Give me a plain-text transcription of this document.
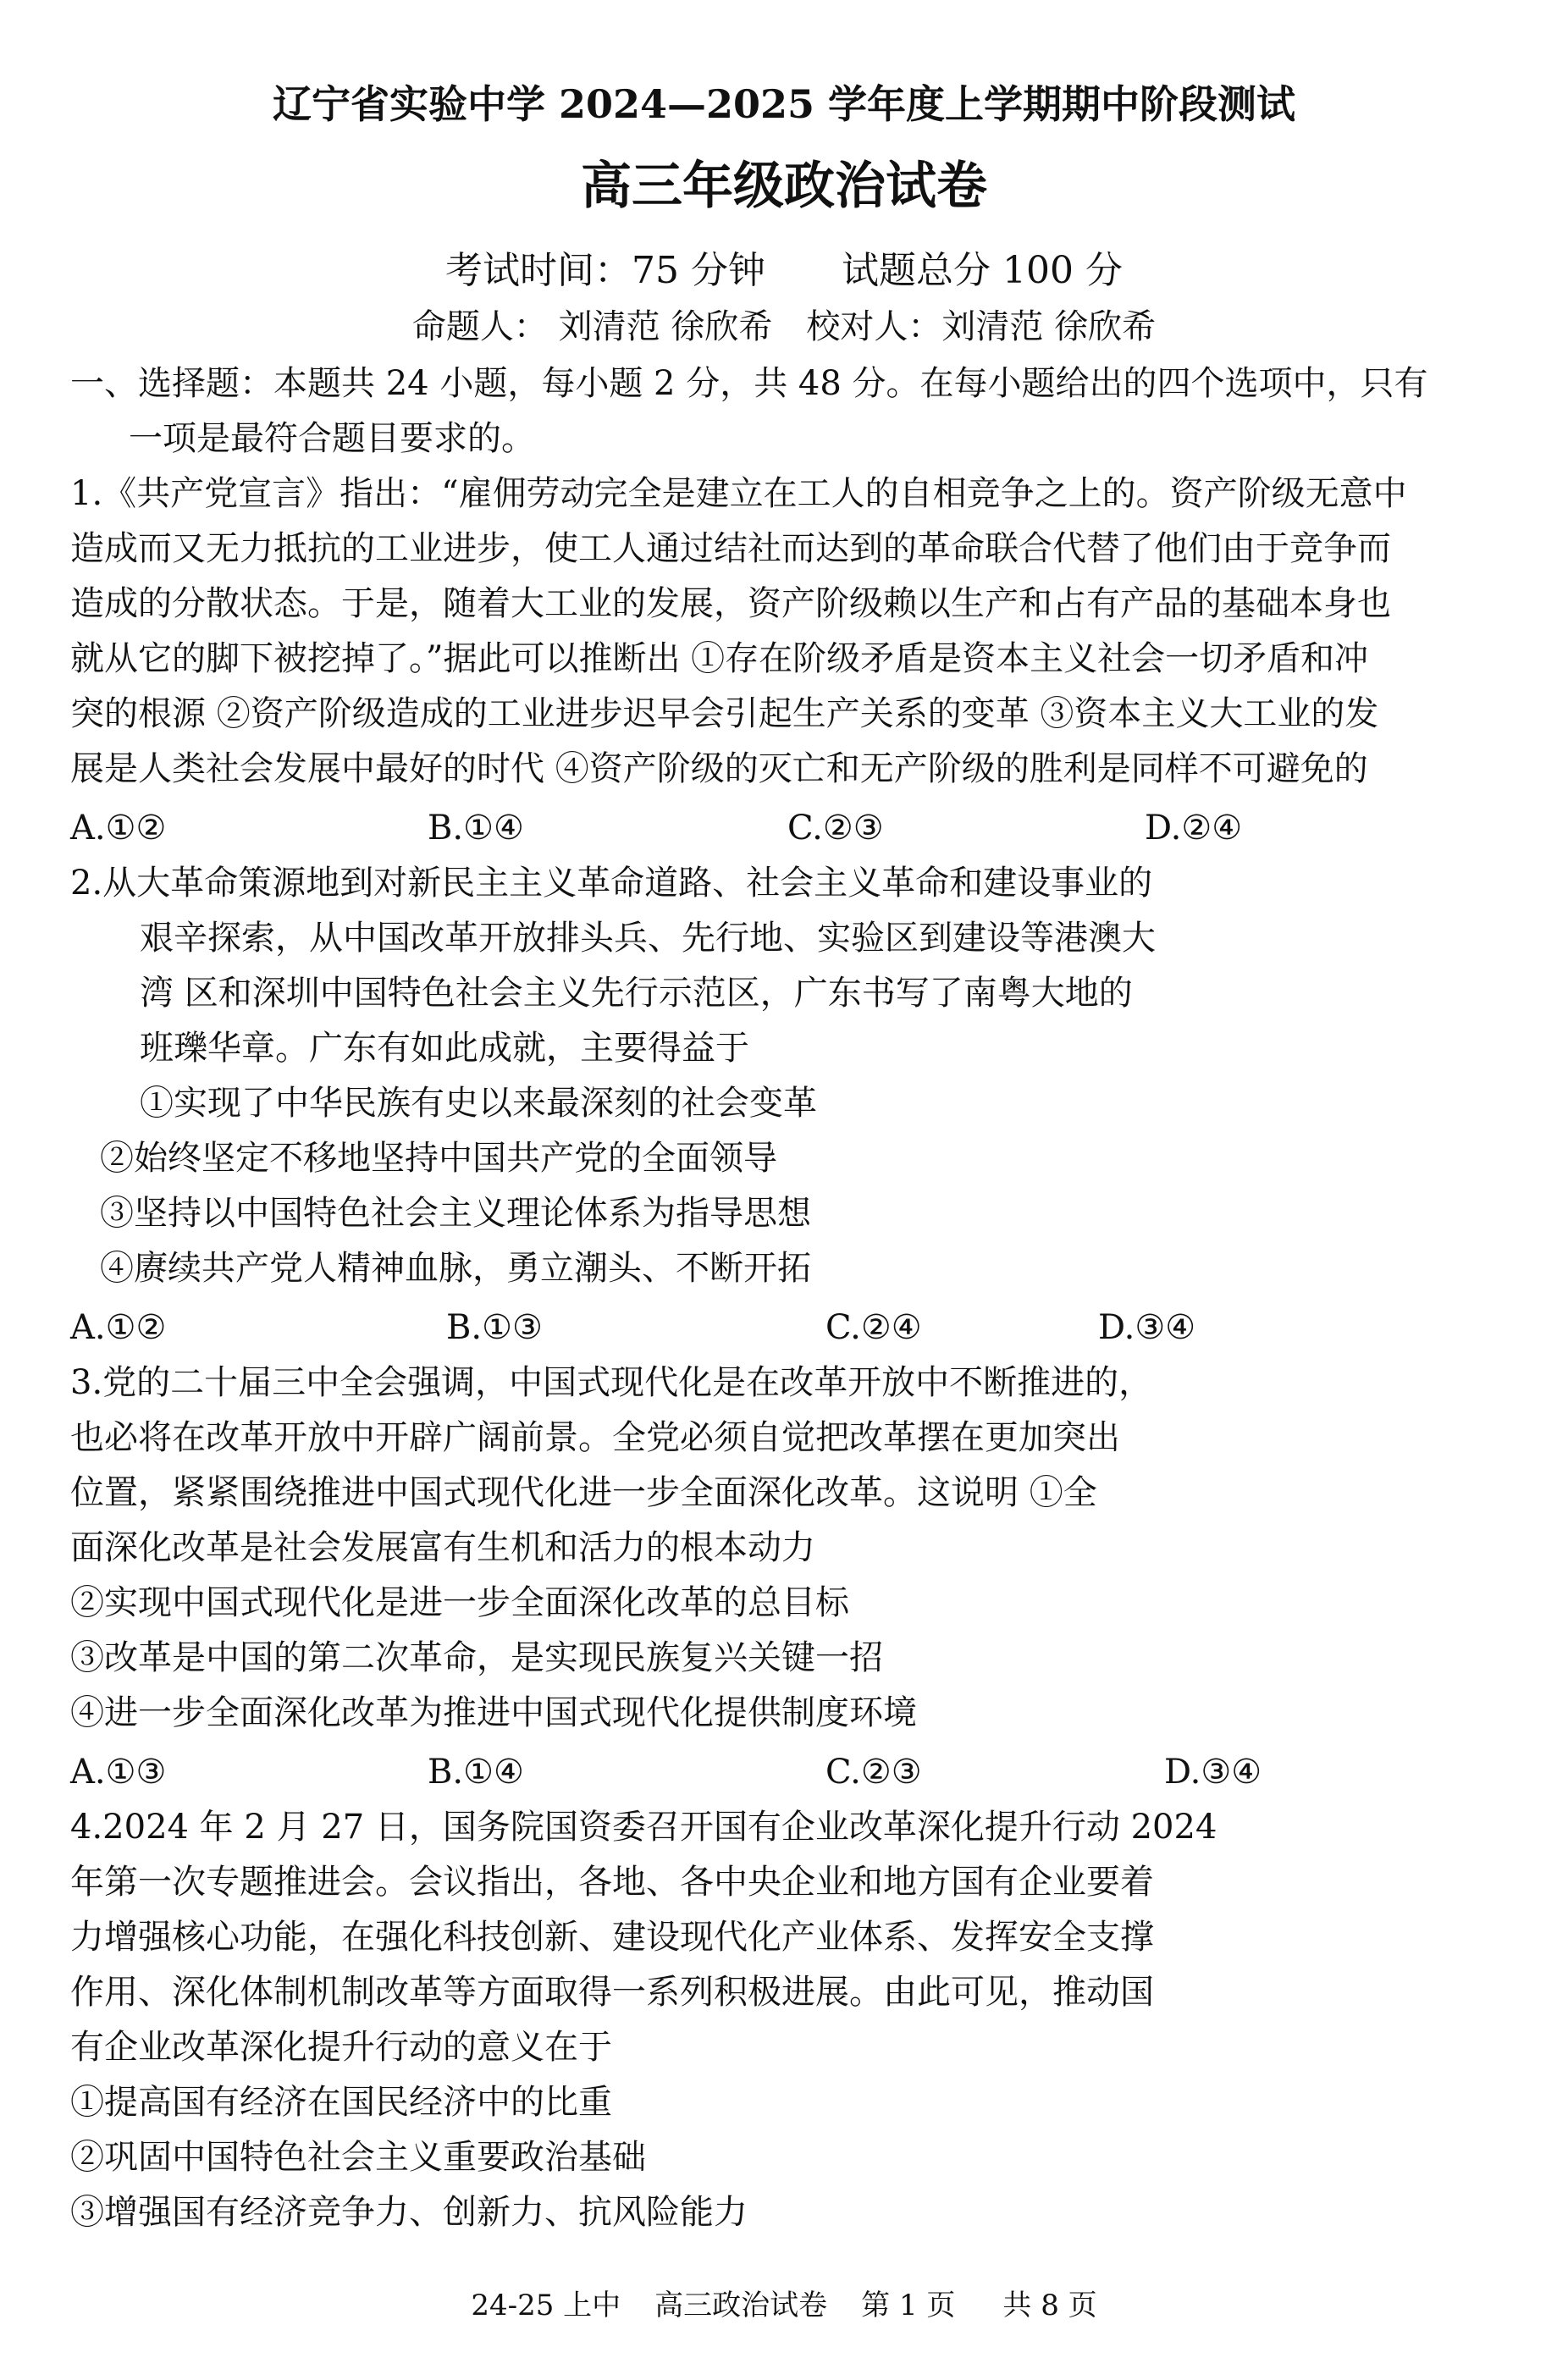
辽宁省实验中学 2024—2025 学年度上学期期中阶段测试
高三年级政治试卷
考试时间：75 分钟 试题总分 100 分
命题人： 刘清范 徐欣希 校对人：刘清范 徐欣希
一、选择题：本题共 24 小题，每小题 2 分，共 48 分。在每小题给出的四个选项中，只有
一项是最符合题目要求的。
1.《共产党宣言》指出：“雇佣劳动完全是建立在工人的自相竞争之上的。资产阶级无意中
造成而又无力抵抗的工业进步，使工人通过结社而达到的革命联合代替了他们由于竞争而
造成的分散状态。于是，随着大工业的发展，资产阶级赖以生产和占有产品的基础本身也
就从它的脚下被挖掉了。”据此可以推断出 ①存在阶级矛盾是资本主义社会一切矛盾和冲
突的根源 ②资产阶级造成的工业进步迟早会引起生产关系的变革 ③资本主义大工业的发
展是人类社会发展中最好的时代 ④资产阶级的灭亡和无产阶级的胜利是同样不可避免的
A.①②	B.①④	C.②③	D.②④
2.从大革命策源地到对新民主主义革命道路、社会主义革命和建设事业的
艰辛探索，从中国改革开放排头兵、先行地、实验区到建设等港澳大
湾 区和深圳中国特色社会主义先行示范区，广东书写了南粤大地的
班瓅华章。广东有如此成就，主要得益于
①实现了中华民族有史以来最深刻的社会变革
②始终坚定不移地坚持中国共产党的全面领导
③坚持以中国特色社会主义理论体系为指导思想
④赓续共产党人精神血脉，勇立潮头、不断开拓
A.①②	B.①③	C.②④	D.③④
3.党的二十届三中全会强调，中国式现代化是在改革开放中不断推进的，
也必将在改革开放中开辟广阔前景。全党必须自觉把改革摆在更加突出
位置，紧紧围绕推进中国式现代化进一步全面深化改革。这说明 ①全
面深化改革是社会发展富有生机和活力的根本动力
②实现中国式现代化是进一步全面深化改革的总目标
③改革是中国的第二次革命，是实现民族复兴关键一招
④进一步全面深化改革为推进中国式现代化提供制度环境
A.①③	B.①④	C.②③	D.③④
4.2024 年 2 月 27 日，国务院国资委召开国有企业改革深化提升行动 2024
年第一次专题推进会。会议指出，各地、各中央企业和地方国有企业要着
力增强核心功能，在强化科技创新、建设现代化产业体系、发挥安全支撑
作用、深化体制机制改革等方面取得一系列积极进展。由此可见，推动国
有企业改革深化提升行动的意义在于
①提高国有经济在国民经济中的比重
②巩固中国特色社会主义重要政治基础
③增强国有经济竞争力、创新力、抗风险能力
24-25 上中 高三政治试卷 第 1 页 共 8 页
